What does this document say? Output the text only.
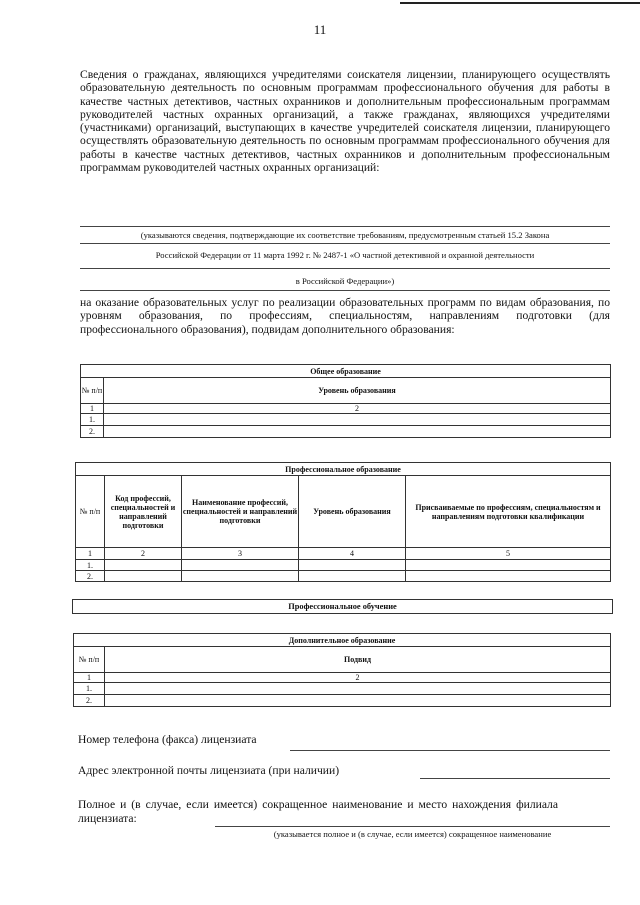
11
Сведения о гражданах, являющихся учредителями соискателя лицензии, планирующего осуществлять образовательную деятельность по основным программам профессионального обучения для работы в качестве частных детективов, частных охранников и дополнительным профессиональным программам руководителей частных охранных организаций, а также гражданах, являющихся учредителями (участниками) организаций, выступающих в качестве учредителей соискателя лицензии, планирующего осуществлять образовательную деятельность по основным программам профессионального обучения для работы в качестве частных детективов, частных охранников и дополнительным профессиональным программам руководителей частных охранных организаций:
(указываются сведения, подтверждающие их соответствие требованиям, предусмотренным статьей 15.2 Закона
Российской Федерации от 11 марта 1992 г. № 2487-1 «О частной детективной и охранной деятельности
в Российской Федерации»)
на оказание образовательных услуг по реализации образовательных программ по видам образования, по уровням образования, по профессиям, специальностям, направлениям подготовки (для профессионального образования), подвидам дополнительного образования:
Общее образование	
№ п/п	Уровень образования
1	2
1.	
2.	
Профессиональное образование				
№ п/п	Код профессий, специальностей и направлений подготовки	Наименование профессий, специальностей и направлений подготовки	Уровень образования	Присваиваемые по профессиям, специальностям и направлениям подготовки квалификации
1	2	3	4	5
1.				
2.				
Профессиональное обучение
Дополнительное образование	
№ п/п	Подвид
1	2
1.	
2.	
Номер телефона (факса) лицензиата
Адрес электронной почты лицензиата (при наличии)
Полное и (в случае, если имеется) сокращенное наименование и место нахождения филиала лицензиата:
(указывается полное и (в случае, если имеется) сокращенное наименование
